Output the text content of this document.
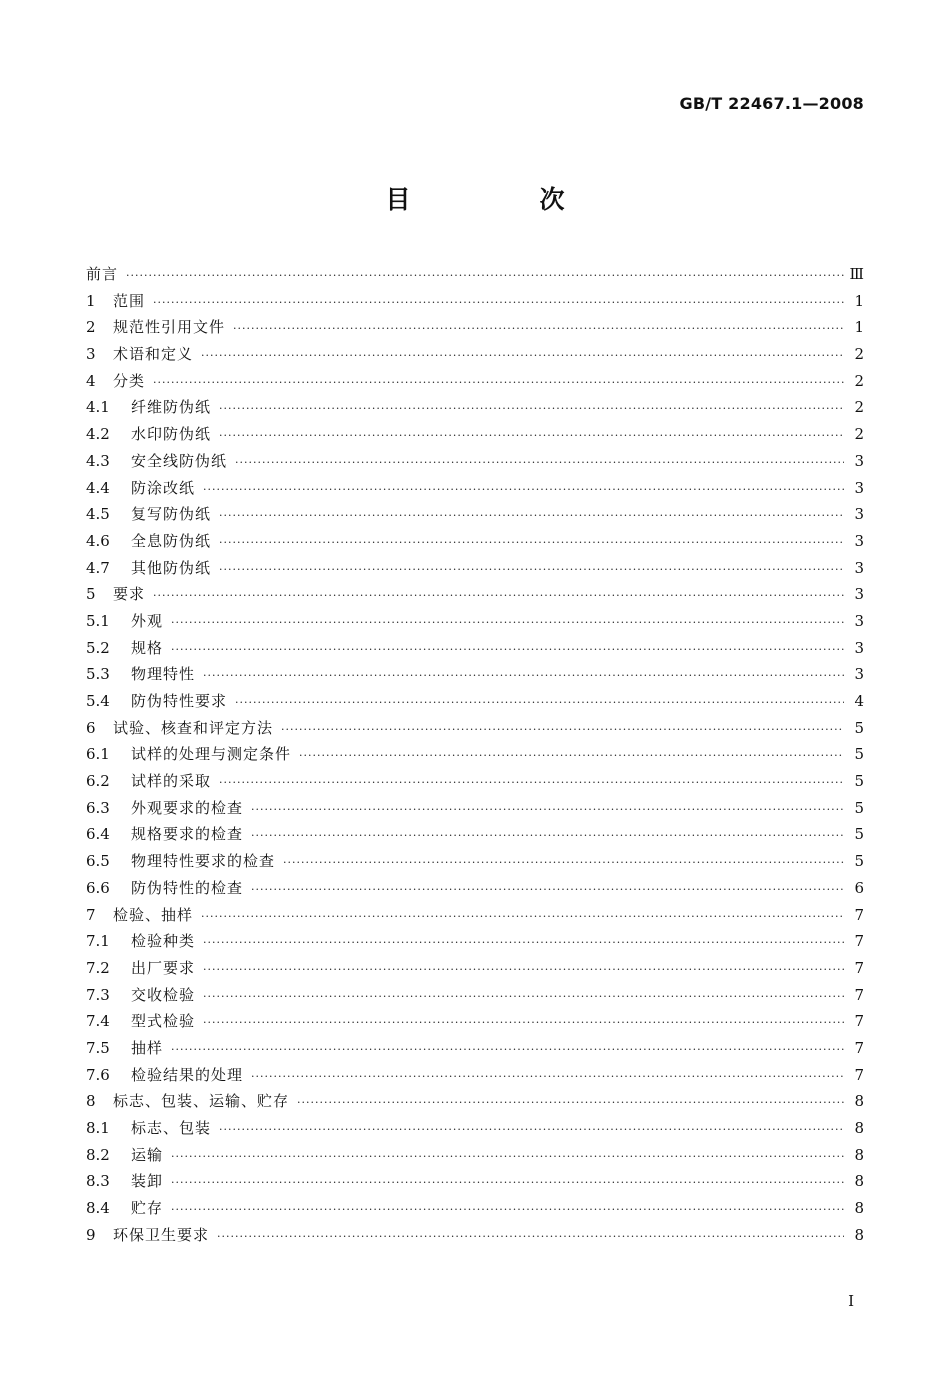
GB/T 22467.1—2008
目　次
前言 ·····	Ⅲ
1	范围 ·····	1
2	规范性引用文件 ·····	1
3	术语和定义 ·····	2
4	分类 ·····	2
4.1	纤维防伪纸 ·····	2
4.2	水印防伪纸 ·····	2
4.3	安全线防伪纸 ·····	3
4.4	防涂改纸 ·····	3
4.5	复写防伪纸 ·····	3
4.6	全息防伪纸 ·····	3
4.7	其他防伪纸 ·····	3
5	要求 ·····	3
5.1	外观 ·····	3
5.2	规格 ·····	3
5.3	物理特性 ·····	3
5.4	防伪特性要求 ·····	4
6	试验、核查和评定方法 ·····	5
6.1	试样的处理与测定条件 ·····	5
6.2	试样的采取 ·····	5
6.3	外观要求的检查 ·····	5
6.4	规格要求的检查 ·····	5
6.5	物理特性要求的检查 ·····	5
6.6	防伪特性的检查 ·····	6
7	检验、抽样 ·····	7
7.1	检验种类 ·····	7
7.2	出厂要求 ·····	7
7.3	交收检验 ·····	7
7.4	型式检验 ·····	7
7.5	抽样 ·····	7
7.6	检验结果的处理 ·····	7
8	标志、包装、运输、贮存 ·····	8
8.1	标志、包装 ·····	8
8.2	运输 ·····	8
8.3	装卸 ·····	8
8.4	贮存 ·····	8
9	环保卫生要求 ·····	8
I
